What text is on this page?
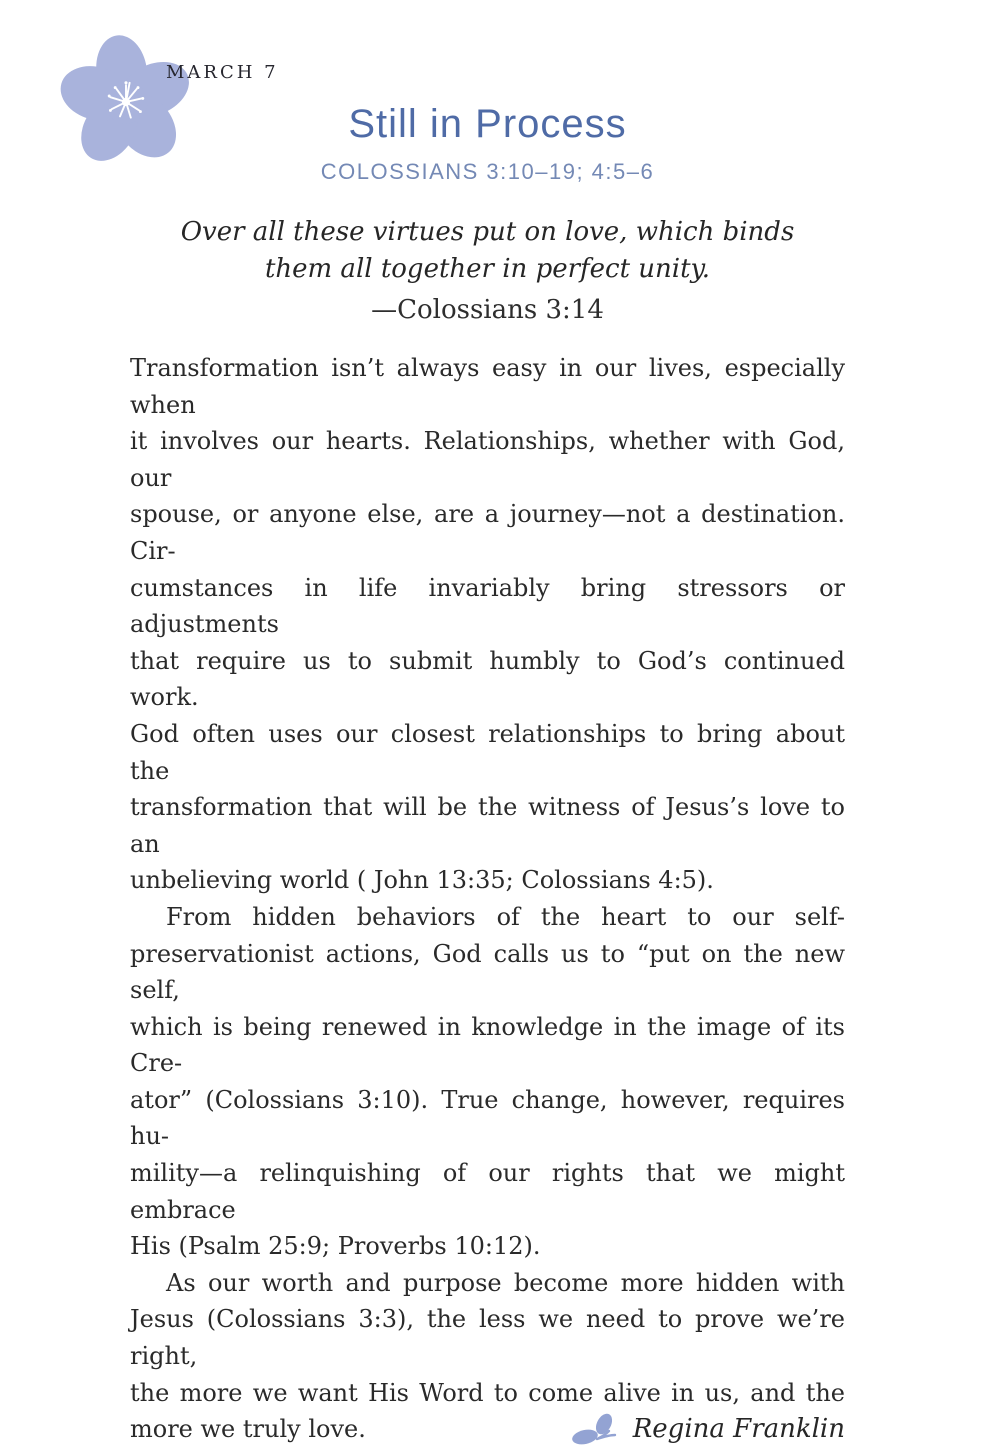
MARCH 7
Still in Process
COLOSSIANS 3:10–19; 4:5–6
Over all these virtues put on love, which binds
them all together in perfect unity.
—Colossians 3:14
Transformation isn’t always easy in our lives, especially when
it involves our hearts. Relationships, whether with God, our
spouse, or anyone else, are a journey—not a destination. Cir-
cumstances in life invariably bring stressors or adjustments
that require us to submit humbly to God’s continued work.
God often uses our closest relationships to bring about the
transformation that will be the witness of Jesus’s love to an
unbelieving world ( John 13:35; Colossians 4:5).
From hidden behaviors of the heart to our self-
preservationist actions, God calls us to “put on the new self,
which is being renewed in knowledge in the image of its Cre-
ator” (Colossians 3:10). True change, however, requires hu-
mility—a relinquishing of our rights that we might embrace
His (Psalm 25:9; Proverbs 10:12).
As our worth and purpose become more hidden with
Jesus (Colossians 3:3), the less we need to prove we’re right,
the more we want His Word to come alive in us, and the
more we truly love.	Regina Franklin
